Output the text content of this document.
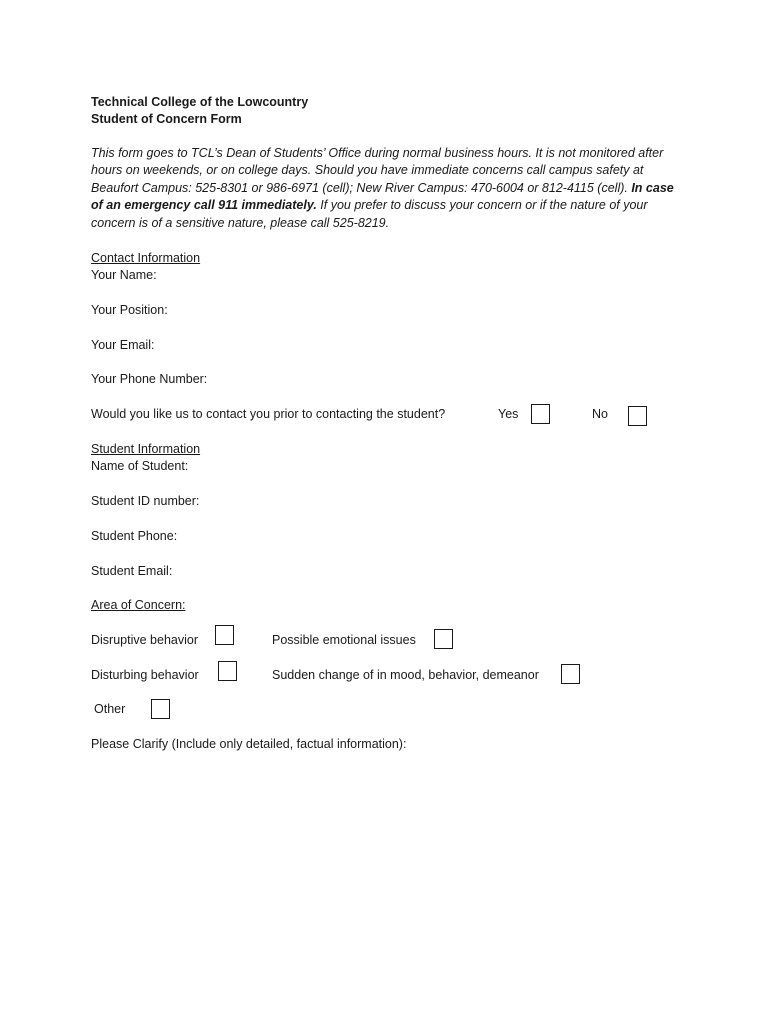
Technical College of the Lowcountry
Student of Concern Form
This form goes to TCL’s Dean of Students’ Office during normal business hours. It is not monitored after
hours on weekends, or on college days. Should you have immediate concerns call campus safety at
Beaufort Campus: 525-8301 or 986-6971 (cell); New River Campus: 470-6004 or 812-4115 (cell). In case
of an emergency call 911 immediately. If you prefer to discuss your concern or if the nature of your
concern is of a sensitive nature, please call 525-8219.
Contact Information
Your Name:
Your Position:
Your Email:
Your Phone Number:
Would you like us to contact you prior to contacting the student?	Yes	No
Student Information
Name of Student:
Student ID number:
Student Phone:
Student Email:
Area of Concern:
Disruptive behavior	Possible emotional issues
Disturbing behavior	Sudden change of in mood, behavior, demeanor
Other
Please Clarify (Include only detailed, factual information):
